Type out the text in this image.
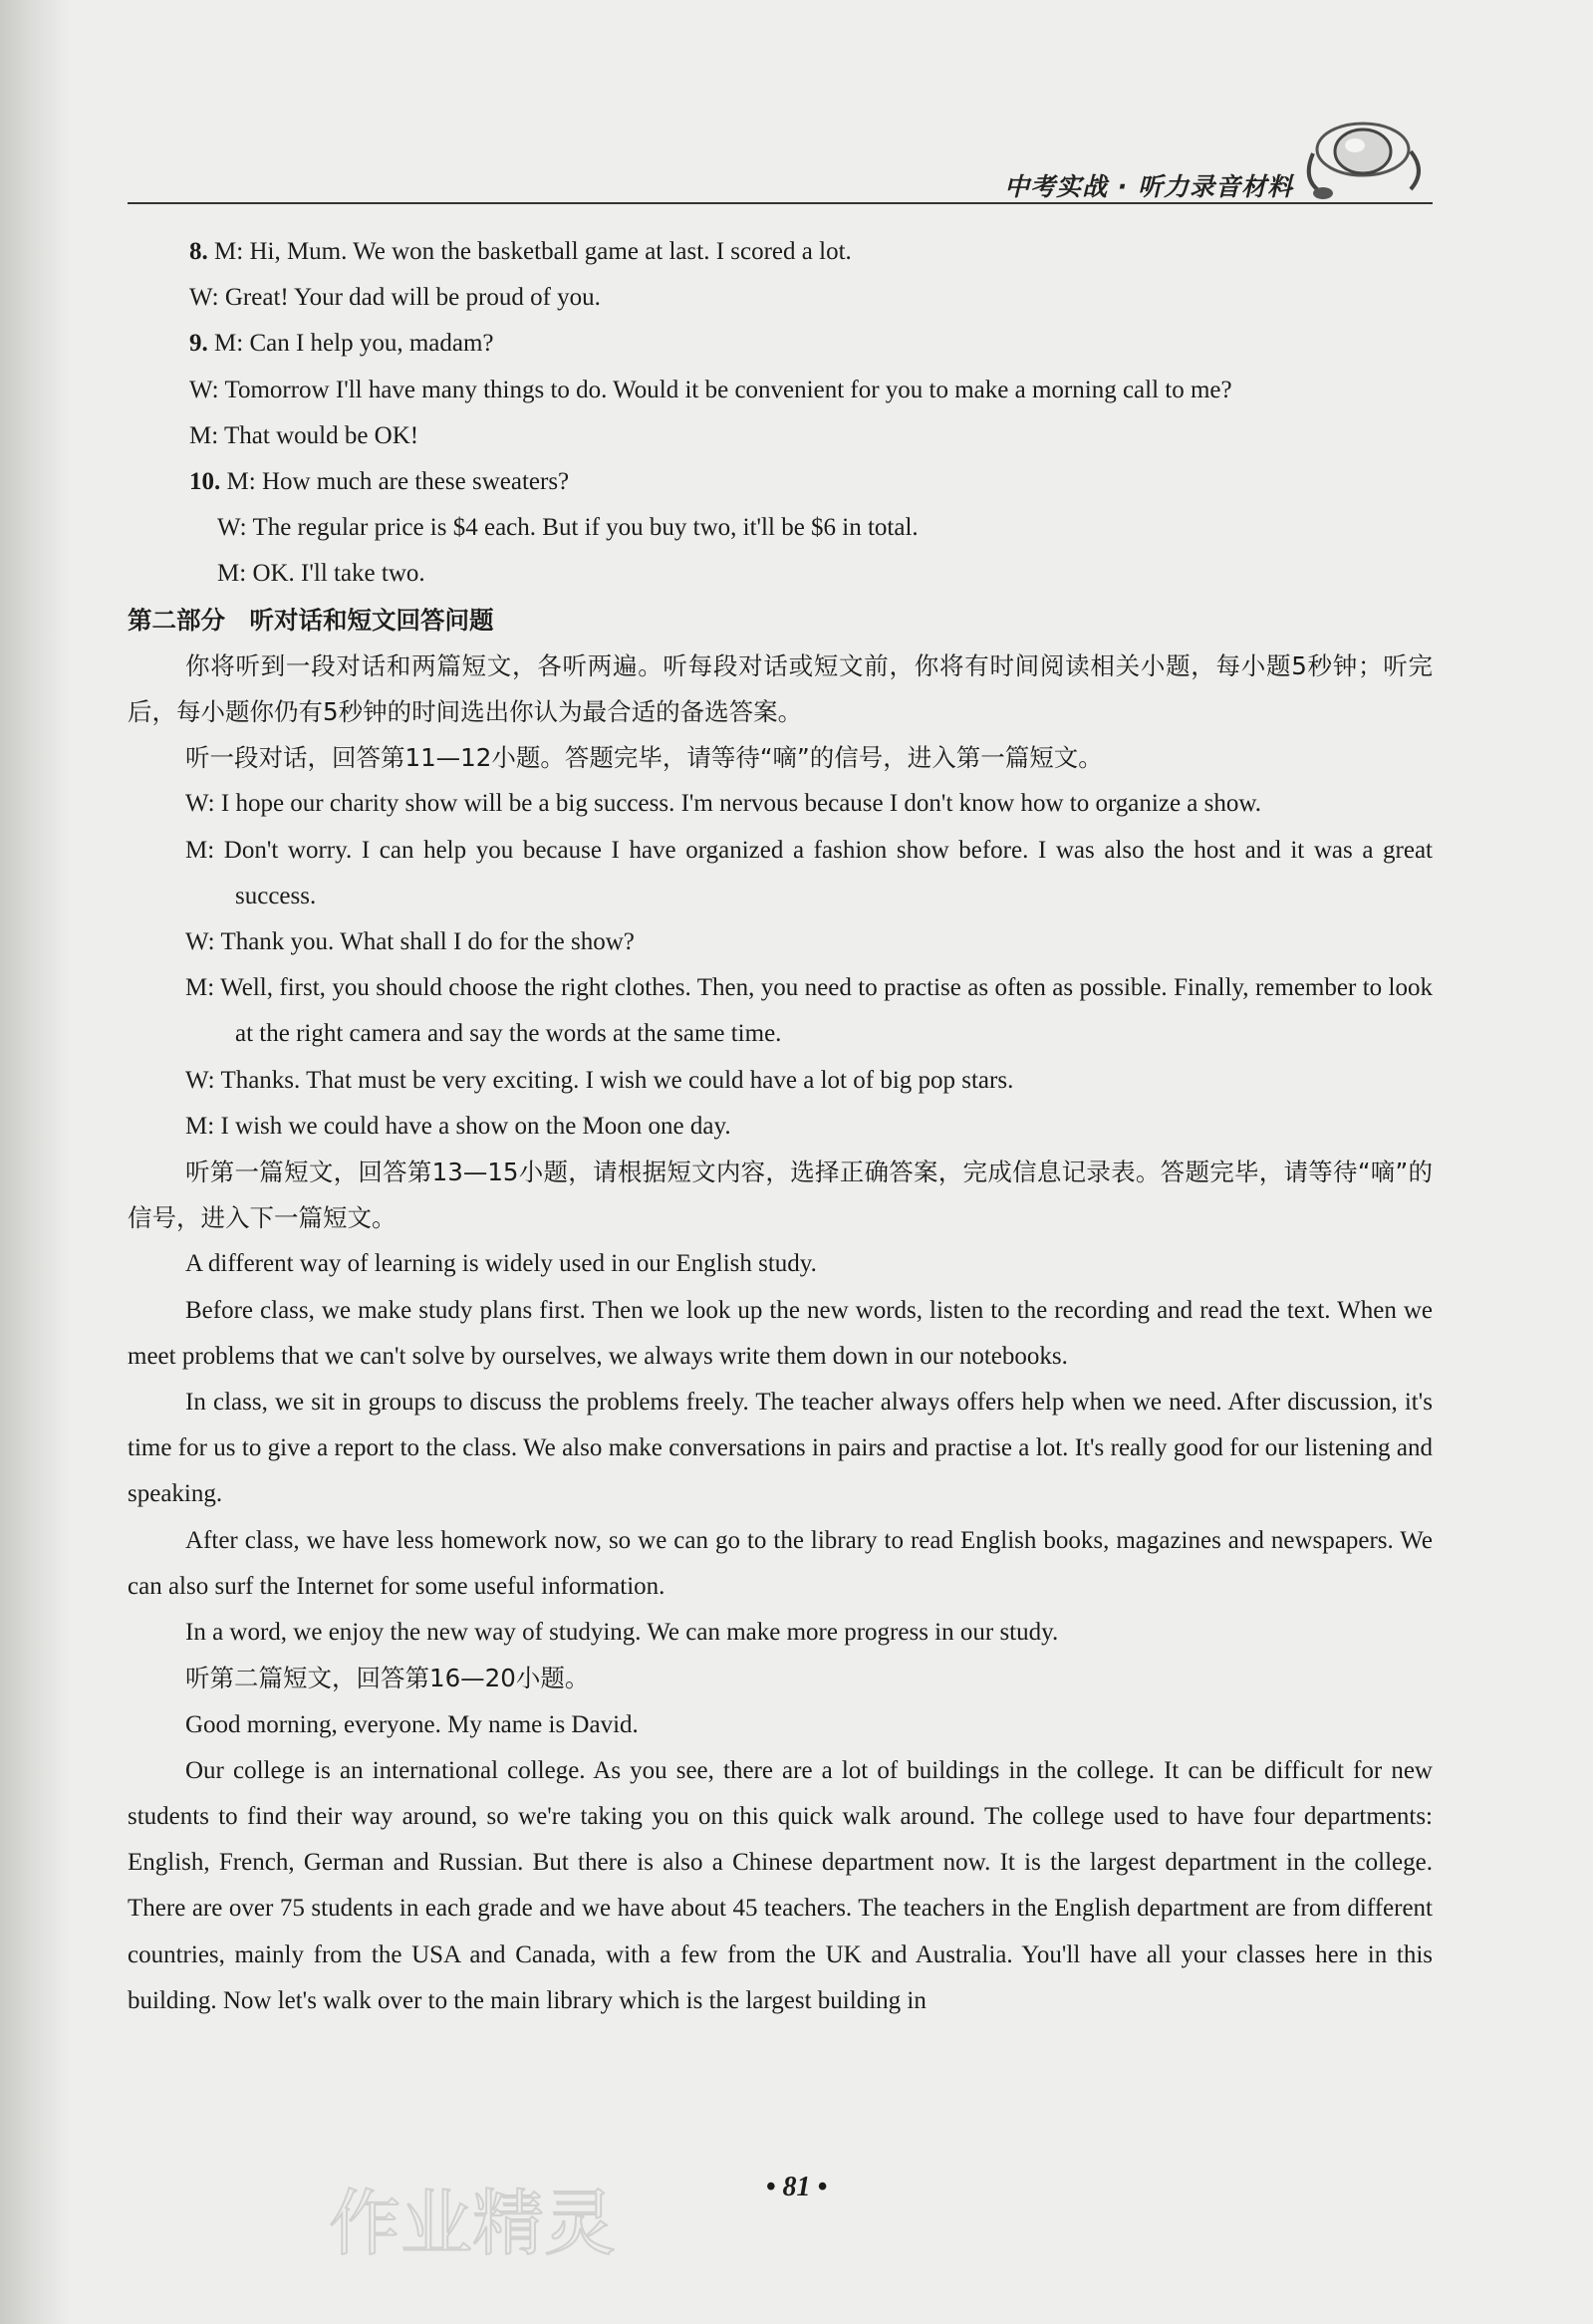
中考实战 · 听力录音材料

8. M: Hi, Mum. We won the basketball game at last. I scored a lot.

W: Great! Your dad will be proud of you.

9. M: Can I help you, madam?

W: Tomorrow I'll have many things to do. Would it be convenient for you to make a morning call to me?

M: That would be OK!

10. M: How much are these sweaters?

W: The regular price is $4 each. But if you buy two, it'll be $6 in total.

M: OK. I'll take two.

第二部分　听对话和短文回答问题

你将听到一段对话和两篇短文，各听两遍。听每段对话或短文前，你将有时间阅读相关小题，每小题5秒钟；听完后，每小题你仍有5秒钟的时间选出你认为最合适的备选答案。

听一段对话，回答第11—12小题。答题完毕，请等待“嘀”的信号，进入第一篇短文。

W: I hope our charity show will be a big success. I'm nervous because I don't know how to organize a show.

M: Don't worry. I can help you because I have organized a fashion show before. I was also the host and it was a great success.

W: Thank you. What shall I do for the show?

M: Well, first, you should choose the right clothes. Then, you need to practise as often as possible. Finally, remember to look at the right camera and say the words at the same time.

W: Thanks. That must be very exciting. I wish we could have a lot of big pop stars.

M: I wish we could have a show on the Moon one day.

听第一篇短文，回答第13—15小题，请根据短文内容，选择正确答案，完成信息记录表。答题完毕，请等待“嘀”的信号，进入下一篇短文。

A different way of learning is widely used in our English study.

Before class, we make study plans first. Then we look up the new words, listen to the recording and read the text. When we meet problems that we can't solve by ourselves, we always write them down in our notebooks.

In class, we sit in groups to discuss the problems freely. The teacher always offers help when we need. After discussion, it's time for us to give a report to the class. We also make conversations in pairs and practise a lot. It's really good for our listening and speaking.

After class, we have less homework now, so we can go to the library to read English books, magazines and newspapers. We can also surf the Internet for some useful information.

In a word, we enjoy the new way of studying. We can make more progress in our study.

听第二篇短文，回答第16—20小题。

Good morning, everyone. My name is David.

Our college is an international college. As you see, there are a lot of buildings in the college. It can be difficult for new students to find their way around, so we're taking you on this quick walk around. The college used to have four departments: English, French, German and Russian. But there is also a Chinese department now. It is the largest department in the college. There are over 75 students in each grade and we have about 45 teachers. The teachers in the English department are from different countries, mainly from the USA and Canada, with a few from the UK and Australia. You'll have all your classes here in this building. Now let's walk over to the main library which is the largest building in

作业精灵	• 81 •
